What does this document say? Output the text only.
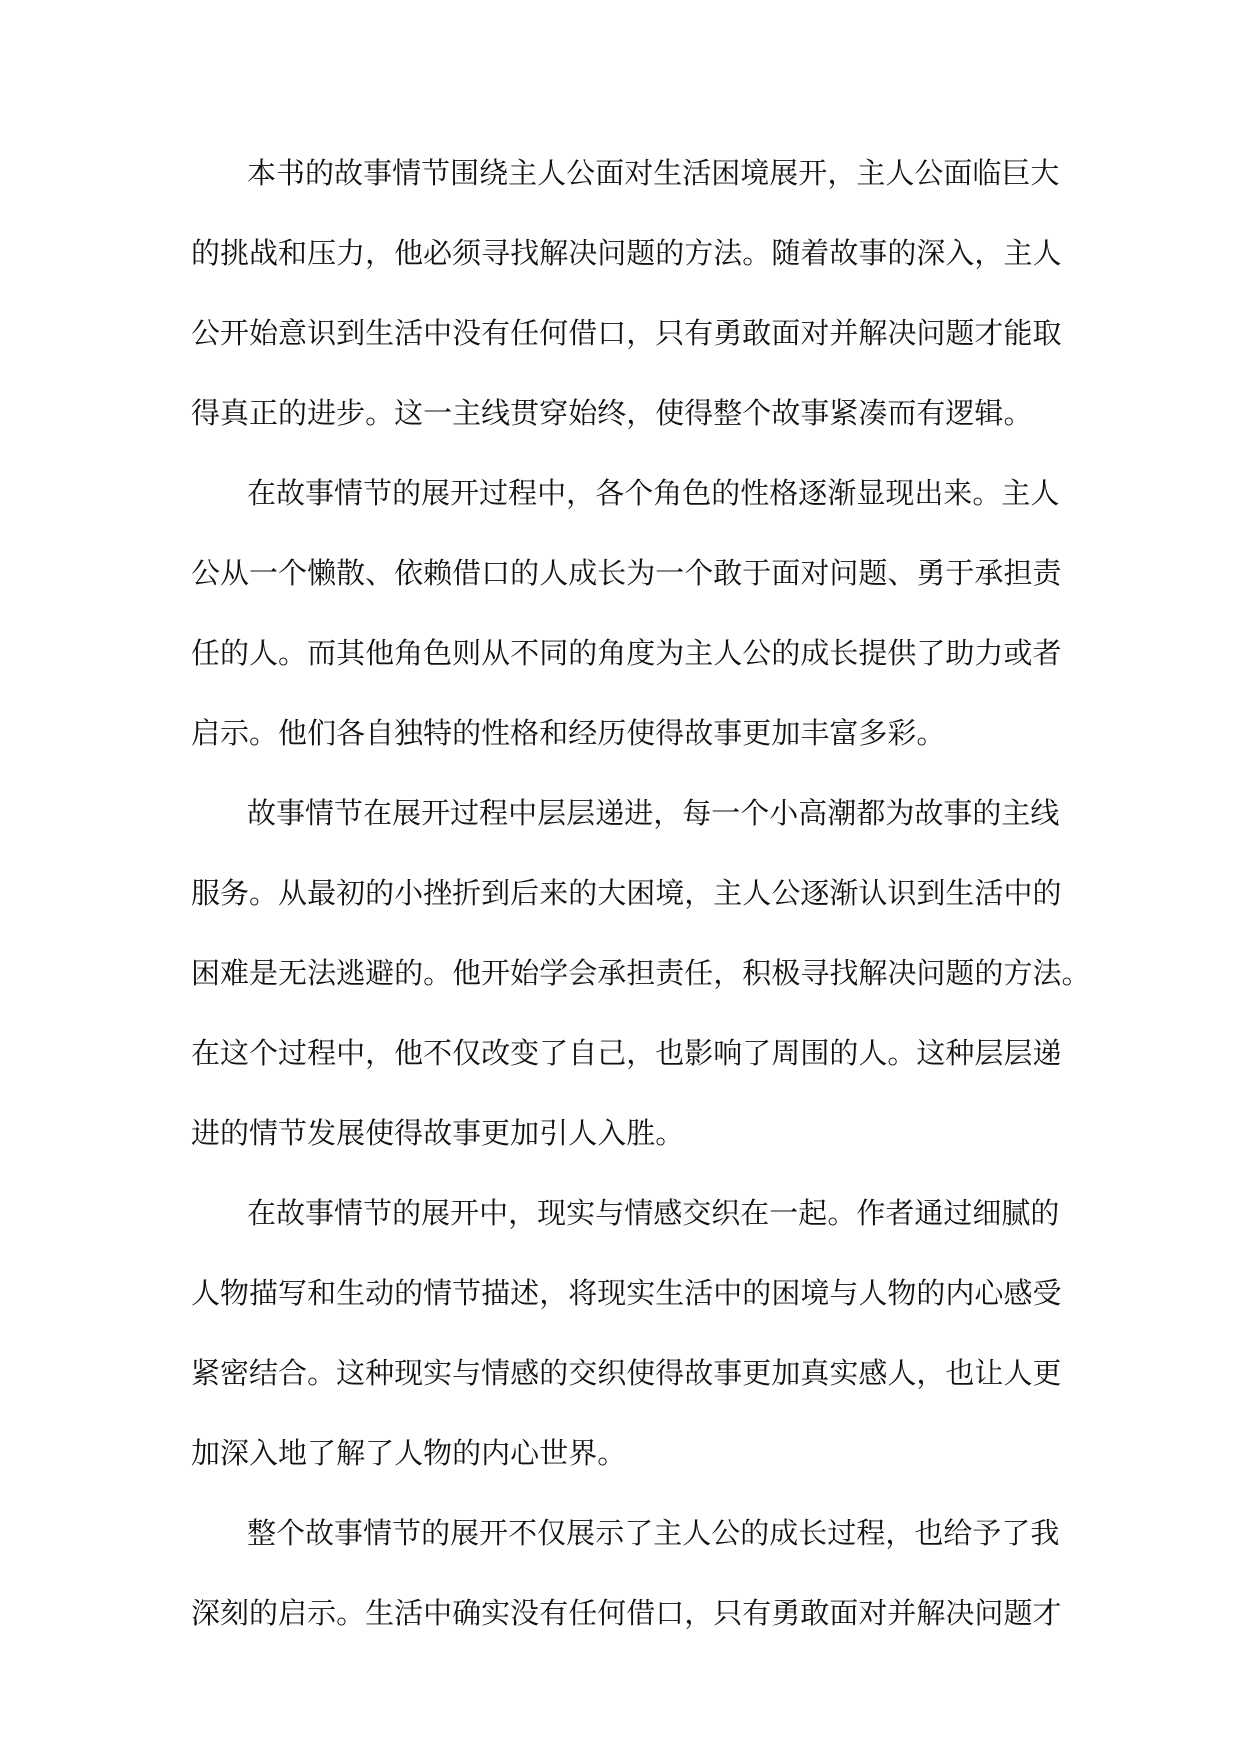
本 书 的 故 事 情 节 围 绕 主 人 公 面 对 生 活 困 境 展 开 ， 主 人 公 面 临 巨 大
的 挑 战 和 压 力 ， 他 必 须 寻 找 解 决 问 题 的 方 法 。 随 着 故 事 的 深 入 ， 主 人
公 开 始 意 识 到 生 活 中 没 有 任 何 借 口 ， 只 有 勇 敢 面 对 并 解 决 问 题 才 能 取
得 真 正 的 进 步 。 这 一 主 线 贯 穿 始 终 ， 使 得 整 个 故 事 紧 凑 而 有 逻 辑 。
在 故 事 情 节 的 展 开 过 程 中 ， 各 个 角 色 的 性 格 逐 渐 显 现 出 来 。 主 人
公 从 一 个 懒 散 、 依 赖 借 口 的 人 成 长 为 一 个 敢 于 面 对 问 题 、 勇 于 承 担 责
任 的 人 。 而 其 他 角 色 则 从 不 同 的 角 度 为 主 人 公 的 成 长 提 供 了 助 力 或 者
启 示 。 他 们 各 自 独 特 的 性 格 和 经 历 使 得 故 事 更 加 丰 富 多 彩 。
故 事 情 节 在 展 开 过 程 中 层 层 递 进 ， 每 一 个 小 高 潮 都 为 故 事 的 主 线
服 务 。 从 最 初 的 小 挫 折 到 后 来 的 大 困 境 ， 主 人 公 逐 渐 认 识 到 生 活 中 的
困 难 是 无 法 逃 避 的 。 他 开 始 学 会 承 担 责 任 ， 积 极 寻 找 解 决 问 题 的 方 法 。
在 这 个 过 程 中 ， 他 不 仅 改 变 了 自 己 ， 也 影 响 了 周 围 的 人 。 这 种 层 层 递
进 的 情 节 发 展 使 得 故 事 更 加 引 人 入 胜 。
在 故 事 情 节 的 展 开 中 ， 现 实 与 情 感 交 织 在 一 起 。 作 者 通 过 细 腻 的
人 物 描 写 和 生 动 的 情 节 描 述 ， 将 现 实 生 活 中 的 困 境 与 人 物 的 内 心 感 受
紧 密 结 合 。 这 种 现 实 与 情 感 的 交 织 使 得 故 事 更 加 真 实 感 人 ， 也 让 人 更
加 深 入 地 了 解 了 人 物 的 内 心 世 界 。
整 个 故 事 情 节 的 展 开 不 仅 展 示 了 主 人 公 的 成 长 过 程 ， 也 给 予 了 我
深 刻 的 启 示 。 生 活 中 确 实 没 有 任 何 借 口 ， 只 有 勇 敢 面 对 并 解 决 问 题 才
